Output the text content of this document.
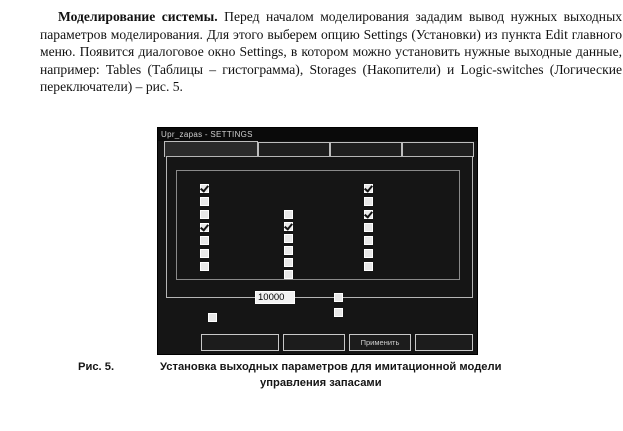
Моделирование системы. Перед началом моделирования зададим вывод нужных выходных параметров моделирования. Для этого выберем опцию Settings (Установки) из пункта Edit главного меню. Появится диалоговое окно Settings, в котором можно установить нужные выходные данные, например: Tables (Таблицы – гистограмма), Storages (Накопители) и Logic-switches (Логические переключатели) – рис. 5.

Upr_zapas - SETTINGS
10000
Применить
Рис. 5.	Установка выходных параметров для имитационной модели
управления запасами
